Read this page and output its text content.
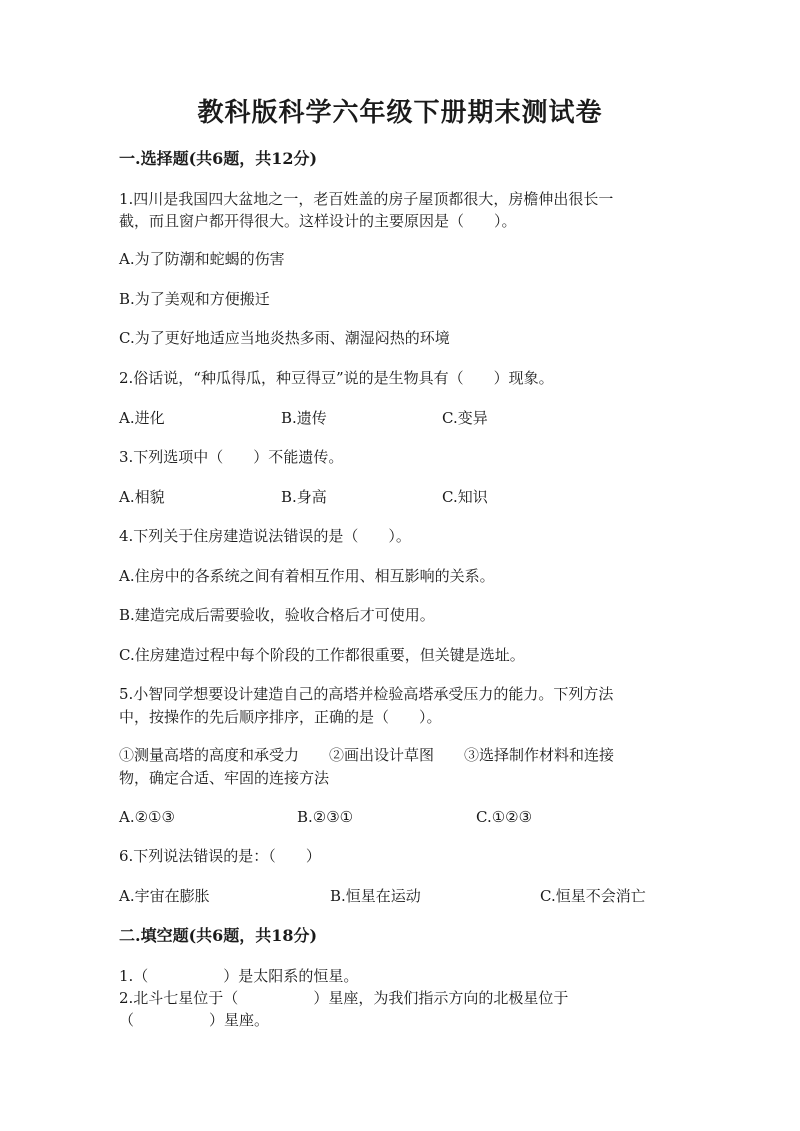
教科版科学六年级下册期末测试卷
一.选择题(共6题，共12分)
1.四川是我国四大盆地之一，老百姓盖的房子屋顶都很大，房檐伸出很长一
截，而且窗户都开得很大。这样设计的主要原因是（　　）。
A.为了防潮和蛇蝎的伤害
B.为了美观和方便搬迁
C.为了更好地适应当地炎热多雨、潮湿闷热的环境
2.俗话说，“种瓜得瓜，种豆得豆”说的是生物具有（　　）现象。
A.进化	B.遗传	C.变异
3.下列选项中（　　）不能遗传。
A.相貌	B.身高	C.知识
4.下列关于住房建造说法错误的是（　　）。
A.住房中的各系统之间有着相互作用、相互影响的关系。
B.建造完成后需要验收，验收合格后才可使用。
C.住房建造过程中每个阶段的工作都很重要，但关键是选址。
5.小智同学想要设计建造自己的高塔并检验高塔承受压力的能力。下列方法
中，按操作的先后顺序排序，正确的是（　　）。
①测量高塔的高度和承受力　　②画出设计草图　　③选择制作材料和连接
物，确定合适、牢固的连接方法
A.②①③	B.②③①	C.①②③
6.下列说法错误的是：（　　）
A.宇宙在膨胀	B.恒星在运动	C.恒星不会消亡
二.填空题(共6题，共18分)
1.（　　　　　）是太阳系的恒星。
2.北斗七星位于（　　　　　）星座，为我们指示方向的北极星位于
（　　　　　）星座。
